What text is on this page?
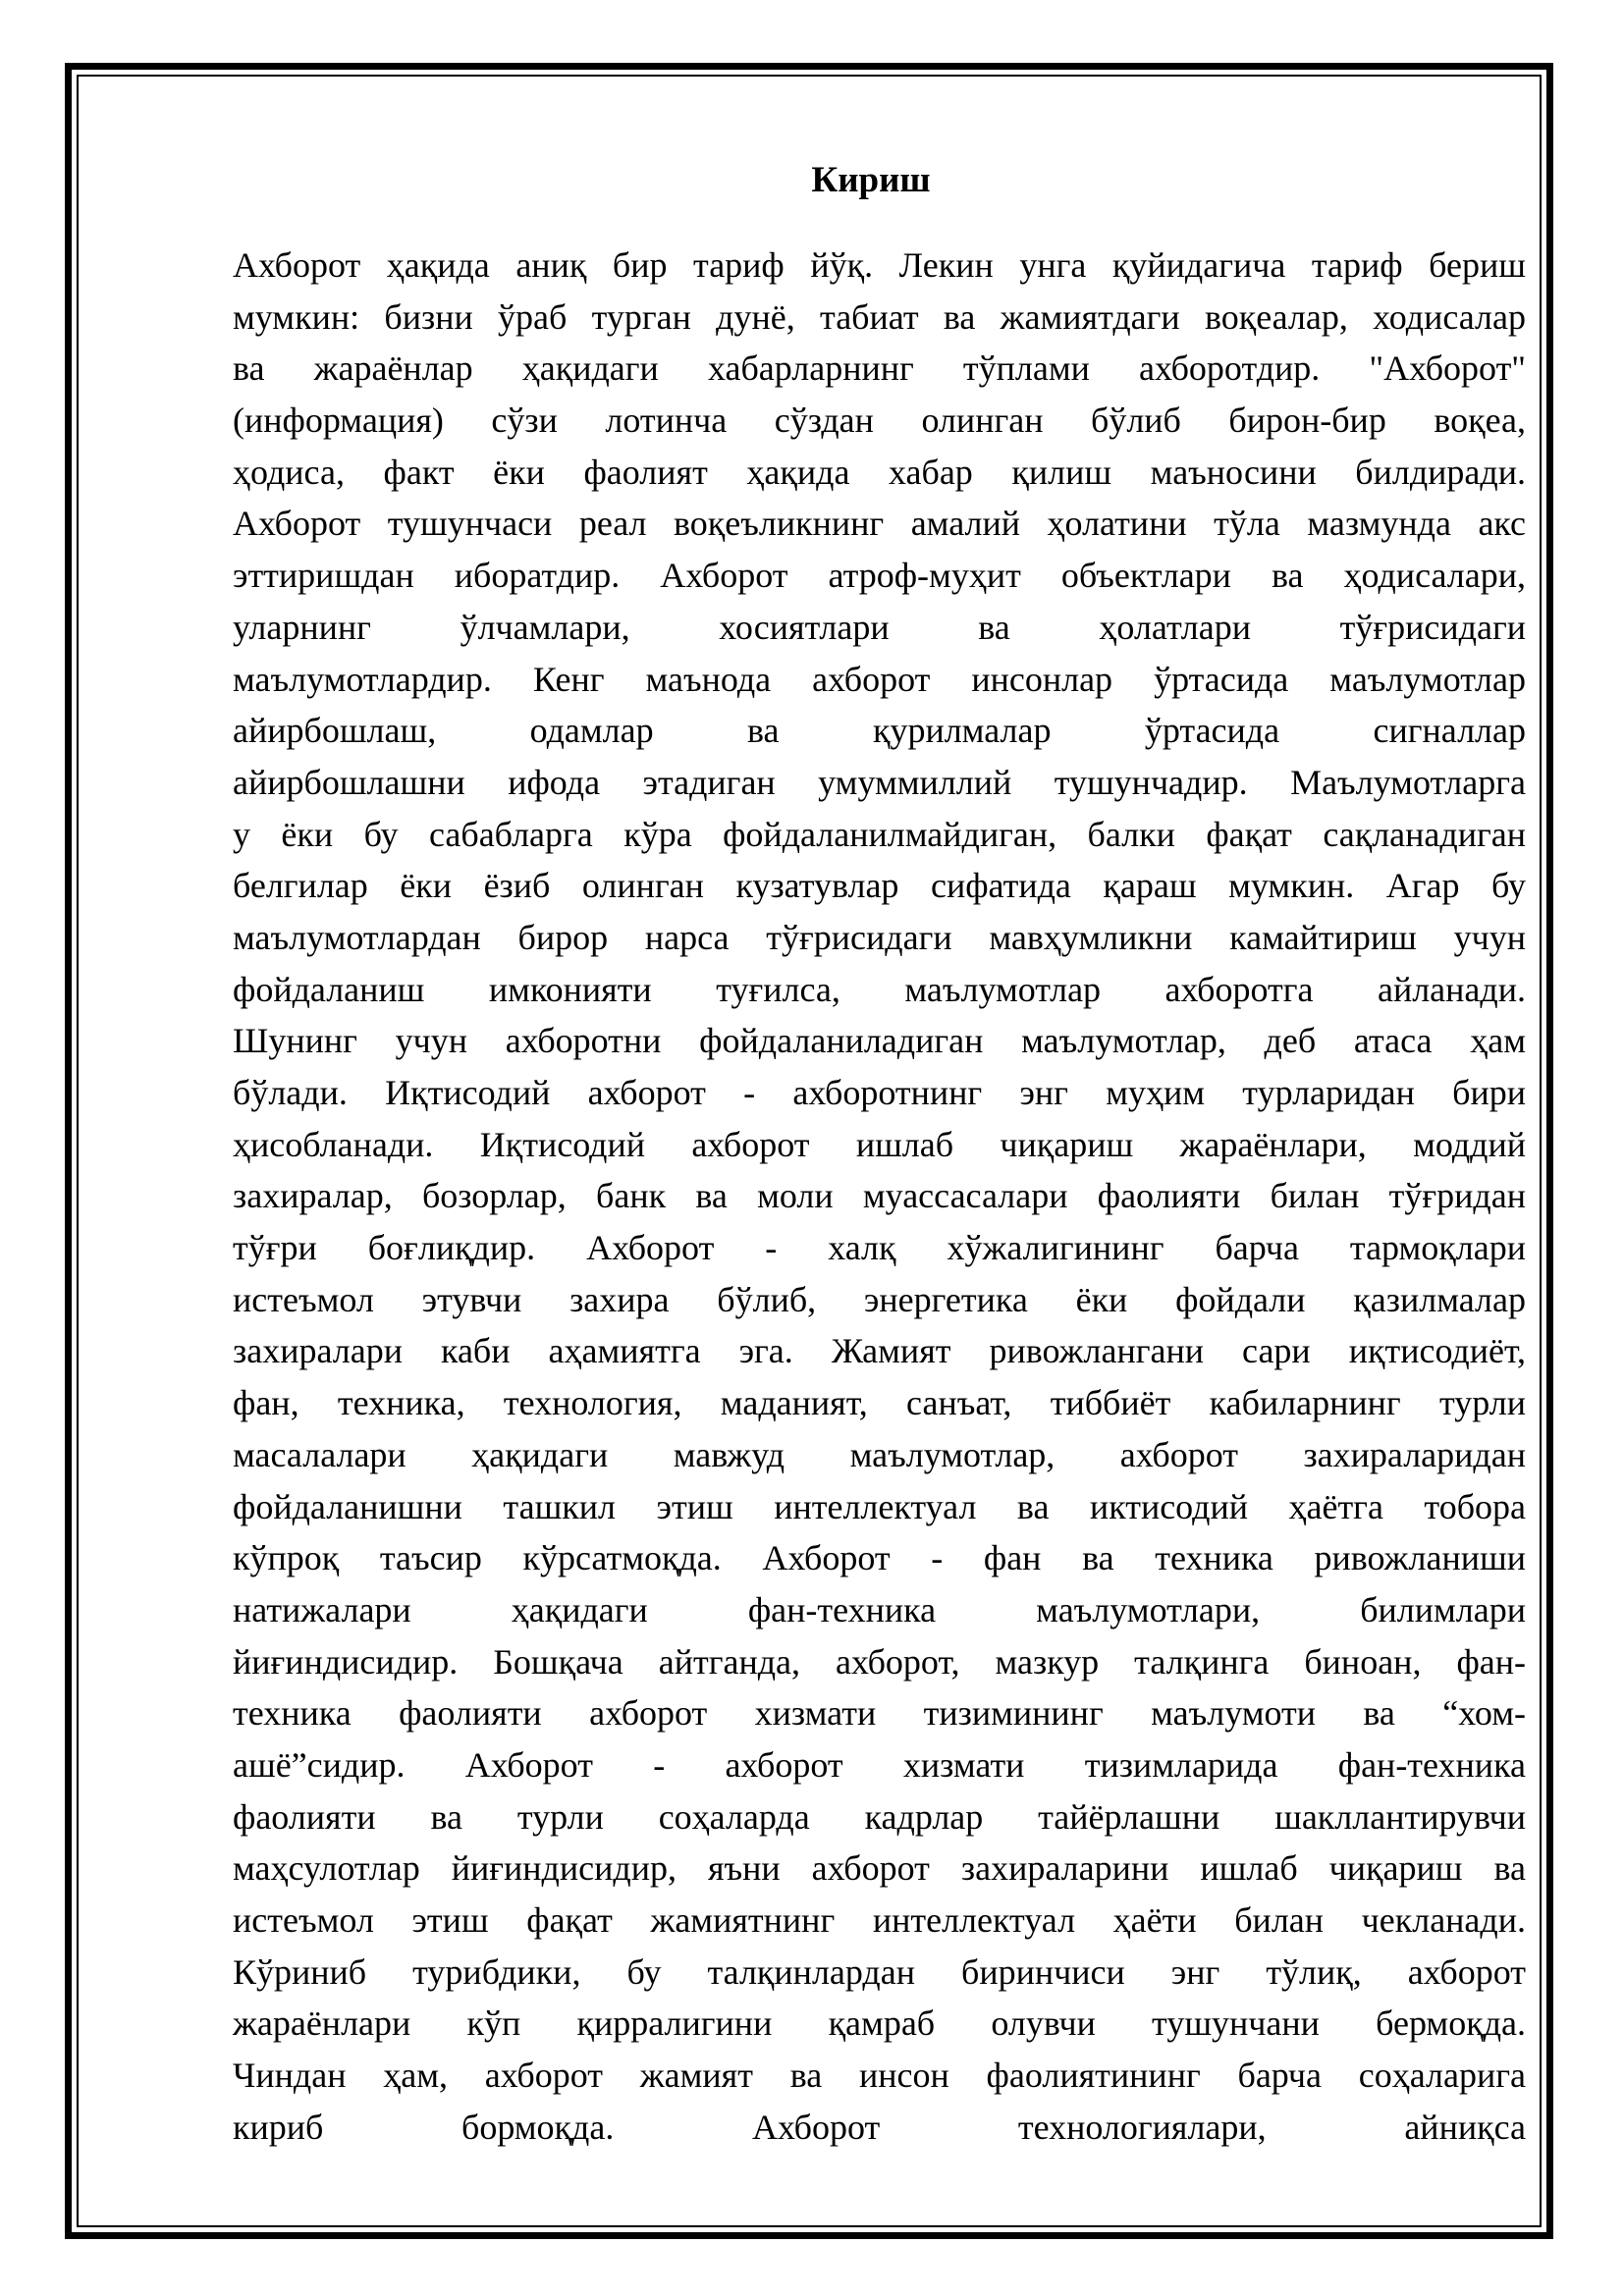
Кириш
Ахборот ҳақида аниқ бир тариф йўқ. Лекин унга қуйидагича тариф бериш
мумкин: бизни ўраб турган дунё, табиат ва жамиятдаги воқеалар, ходисалар
ва жараёнлар ҳақидаги хабарларнинг тўплами ахборотдир. "Ахборот"
(информация) сўзи лотинча сўздан олинган бўлиб бирон-бир воқеа,
ҳодиса, факт ёки фаолият ҳақида хабар қилиш маъносини билдиради.
Ахборот тушунчаси реал воқеъликнинг амалий ҳолатини тўла мазмунда акс
эттиришдан иборатдир. Ахборот атроф-муҳит объектлари ва ҳодисалари,
уларнинг ўлчамлари, хосиятлари ва ҳолатлари тўғрисидаги
маълумотлардир. Кенг маънода ахборот инсонлар ўртасида маълумотлар
айирбошлаш, одамлар ва қурилмалар ўртасида сигналлар
айирбошлашни ифода этадиган умуммиллий тушунчадир. Маълумотларга
у ёки бу сабабларга кўра фойдаланилмайдиган, балки фақат сақланадиган
белгилар ёки ёзиб олинган кузатувлар сифатида қараш мумкин. Агар бу
маълумотлардан бирор нарса тўғрисидаги мавҳумликни камайтириш учун
фойдаланиш имконияти туғилса, маълумотлар ахборотга айланади.
Шунинг учун ахборотни фойдаланиладиган маълумотлар, деб атаса ҳам
бўлади. Иқтисодий ахборот - ахборотнинг энг муҳим турларидан бири
ҳисобланади. Иқтисодий ахборот ишлаб чиқариш жараёнлари, моддий
захиралар, бозорлар, банк ва моли муассасалари фаолияти билан тўғридан
тўғри боғлиқдир. Ахборот - халқ хўжалигининг барча тармоқлари
истеъмол этувчи захира бўлиб, энергетика ёки фойдали қазилмалар
захиралари каби аҳамиятга эга. Жамият ривожлангани сари иқтисодиёт,
фан, техника, технология, маданият, санъат, тиббиёт кабиларнинг турли
масалалари ҳақидаги мавжуд маълумотлар, ахборот захираларидан
фойдаланишни ташкил этиш интеллектуал ва иктисодий ҳаётга тобора
кўпроқ таъсир кўрсатмоқда. Ахборот - фан ва техника ривожланиши
натижалари ҳақидаги фан-техника маълумотлари, билимлари
йиғиндисидир. Бошқача айтганда, ахборот, мазкур талқинга биноан, фан-
техника фаолияти ахборот хизмати тизимининг маълумоти ва “хом-
ашё”сидир. Ахборот - ахборот хизмати тизимларида фан-техника
фаолияти ва турли соҳаларда кадрлар тайёрлашни шакллантирувчи
маҳсулотлар йиғиндисидир, яъни ахборот захираларини ишлаб чиқариш ва
истеъмол этиш фақат жамиятнинг интеллектуал ҳаёти билан чекланади.
Кўриниб турибдики, бу талқинлардан биринчиси энг тўлиқ, ахборот
жараёнлари кўп қирралигини қамраб олувчи тушунчани бермоқда.
Чиндан ҳам, ахборот жамият ва инсон фаолиятининг барча соҳаларига
кириб бормоқда. Ахборот технологиялари, айниқса
